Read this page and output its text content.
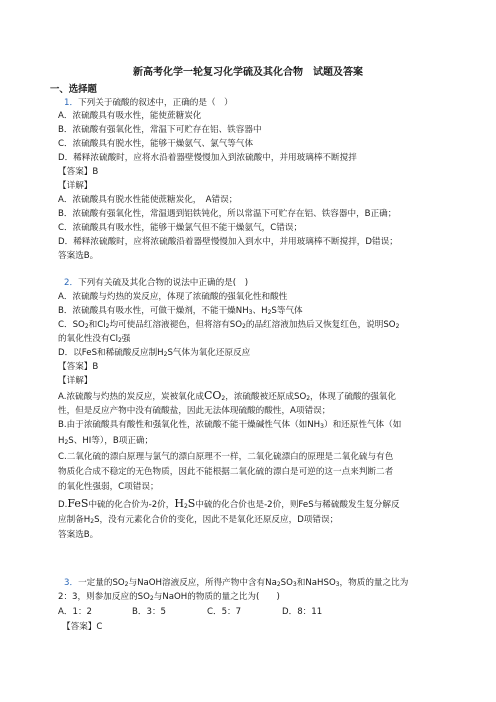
新高考化学一轮复习化学硫及其化合物　试题及答案
一、选择题
1．下列关于硫酸的叙述中，正确的是（　）
A．浓硫酸具有吸水性，能使蔗糖炭化
B．浓硫酸有强氧化性，常温下可贮存在铝、铁容器中
C．浓硫酸具有脱水性，能够干燥氨气、氯气等气体
D．稀释浓硫酸时，应将水沿着器壁慢慢加入到浓硫酸中，并用玻璃棒不断搅拌
【答案】B
【详解】
A．浓硫酸具有脱水性能使蔗糖炭化，　A错误；
B．浓硫酸有强氧化性，常温遇到铝铁钝化，所以常温下可贮存在铝、铁容器中，B正确；
C．浓硫酸具有吸水性，能够干燥氯气但不能干燥氨气，C错误；
D．稀释浓硫酸时，应将浓硫酸沿着器壁慢慢加入到水中，并用玻璃棒不断搅拌，D错误；
答案选B。
2．下列有关硫及其化合物的说法中正确的是(　)
A．浓硫酸与灼热的炭反应，体现了浓硫酸的强氧化性和酸性
B．浓硫酸具有吸水性，可做干燥剂，不能干燥$NH_3$、$H_2S$等气体
C．$SO_2$和$Cl_2$均可使品红溶液褪色，但将溶有$SO_2$的品红溶液加热后又恢复红色，说明$SO_2$
的氧化性没有$Cl_2$强
D．以FeS和稀硫酸反应制$H_2S$气体为氧化还原反应
【答案】B
【详解】
A.浓硫酸与灼热的炭反应，炭被氧化成$CO_2$，浓硫酸被还原成$SO_2$，体现了硫酸的强氧化
性，但是反应产物中没有硫酸盐，因此无法体现硫酸的酸性，A项错误；
B.由于浓硫酸具有酸性和强氧化性，浓硫酸不能干燥碱性气体（如$NH_3$）和还原性气体（如
$H_2S$、HI等），B项正确；
C.二氧化硫的漂白原理与氯气的漂白原理不一样，二氧化硫漂白的原理是二氧化硫与有色
物质化合成不稳定的无色物质，因此不能根据二氧化硫的漂白是可逆的这一点来判断二者
的氧化性强弱，C项错误；
D.FeS中硫的化合价为-2价，$H_2S$中硫的化合价也是-2价，则FeS与稀硫酸发生复分解反
应制备$H_2S$，没有元素化合价的变化，因此不是氧化还原反应，D项错误；
答案选B。
3．一定量的$SO_2$与NaOH溶液反应，所得产物中含有$Na_2SO_3$和NaHSO$_3$，物质的量之比为
2：3，则参加反应的$SO_2$与NaOH的物质的量之比为(　　)
A．1：2	B．3：5	C．5：7	D．8：11
【答案】C
